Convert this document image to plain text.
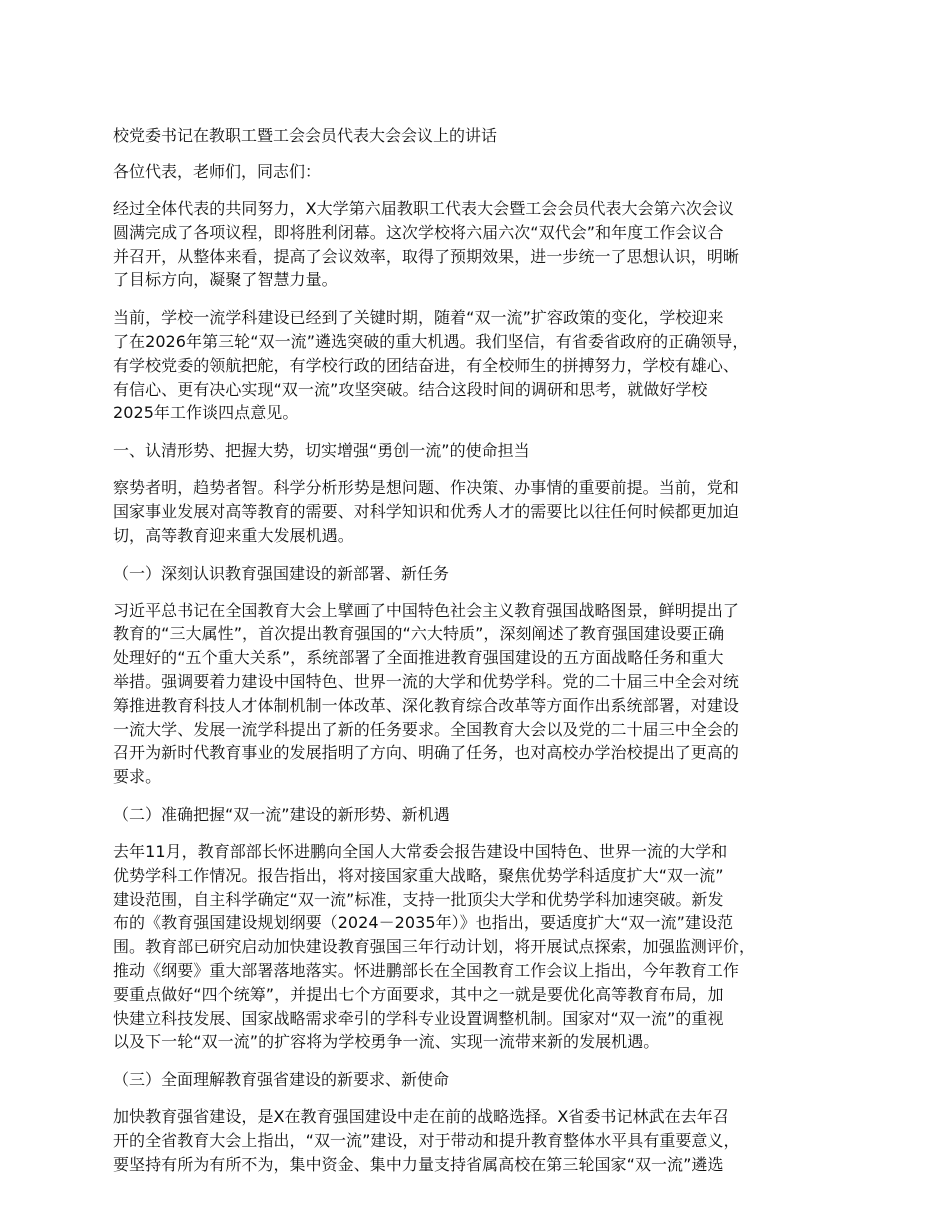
校党委书记在教职工暨工会会员代表大会会议上的讲话
各位代表，老师们，同志们：
经过全体代表的共同努力，X大学第六届教职工代表大会暨工会会员代表大会第六次会议
圆满完成了各项议程，即将胜利闭幕。这次学校将六届六次“双代会”和年度工作会议合
并召开，从整体来看，提高了会议效率，取得了预期效果，进一步统一了思想认识，明晰
了目标方向，凝聚了智慧力量。
当前，学校一流学科建设已经到了关键时期，随着“双一流”扩容政策的变化，学校迎来
了在2026年第三轮“双一流”遴选突破的重大机遇。我们坚信，有省委省政府的正确领导，
有学校党委的领航把舵，有学校行政的团结奋进，有全校师生的拼搏努力，学校有雄心、
有信心、更有决心实现“双一流”攻坚突破。结合这段时间的调研和思考，就做好学校
2025年工作谈四点意见。
一、认清形势、把握大势，切实增强“勇创一流”的使命担当
察势者明，趋势者智。科学分析形势是想问题、作决策、办事情的重要前提。当前，党和
国家事业发展对高等教育的需要、对科学知识和优秀人才的需要比以往任何时候都更加迫
切，高等教育迎来重大发展机遇。
（一）深刻认识教育强国建设的新部署、新任务
习近平总书记在全国教育大会上擘画了中国特色社会主义教育强国战略图景，鲜明提出了
教育的“三大属性”，首次提出教育强国的“六大特质”，深刻阐述了教育强国建设要正确
处理好的“五个重大关系”，系统部署了全面推进教育强国建设的五方面战略任务和重大
举措。强调要着力建设中国特色、世界一流的大学和优势学科。党的二十届三中全会对统
筹推进教育科技人才体制机制一体改革、深化教育综合改革等方面作出系统部署，对建设
一流大学、发展一流学科提出了新的任务要求。全国教育大会以及党的二十届三中全会的
召开为新时代教育事业的发展指明了方向、明确了任务，也对高校办学治校提出了更高的
要求。
（二）准确把握“双一流”建设的新形势、新机遇
去年11月，教育部部长怀进鹏向全国人大常委会报告建设中国特色、世界一流的大学和
优势学科工作情况。报告指出，将对接国家重大战略，聚焦优势学科适度扩大“双一流”
建设范围，自主科学确定“双一流”标准，支持一批顶尖大学和优势学科加速突破。新发
布的《教育强国建设规划纲要（2024－2035年）》也指出，要适度扩大“双一流”建设范
围。教育部已研究启动加快建设教育强国三年行动计划，将开展试点探索，加强监测评价，
推动《纲要》重大部署落地落实。怀进鹏部长在全国教育工作会议上指出，今年教育工作
要重点做好“四个统筹”，并提出七个方面要求，其中之一就是要优化高等教育布局，加
快建立科技发展、国家战略需求牵引的学科专业设置调整机制。国家对“双一流”的重视
以及下一轮“双一流”的扩容将为学校勇争一流、实现一流带来新的发展机遇。
（三）全面理解教育强省建设的新要求、新使命
加快教育强省建设，是X在教育强国建设中走在前的战略选择。X省委书记林武在去年召
开的全省教育大会上指出，“双一流”建设，对于带动和提升教育整体水平具有重要意义，
要坚持有所为有所不为，集中资金、集中力量支持省属高校在第三轮国家“双一流”遴选
